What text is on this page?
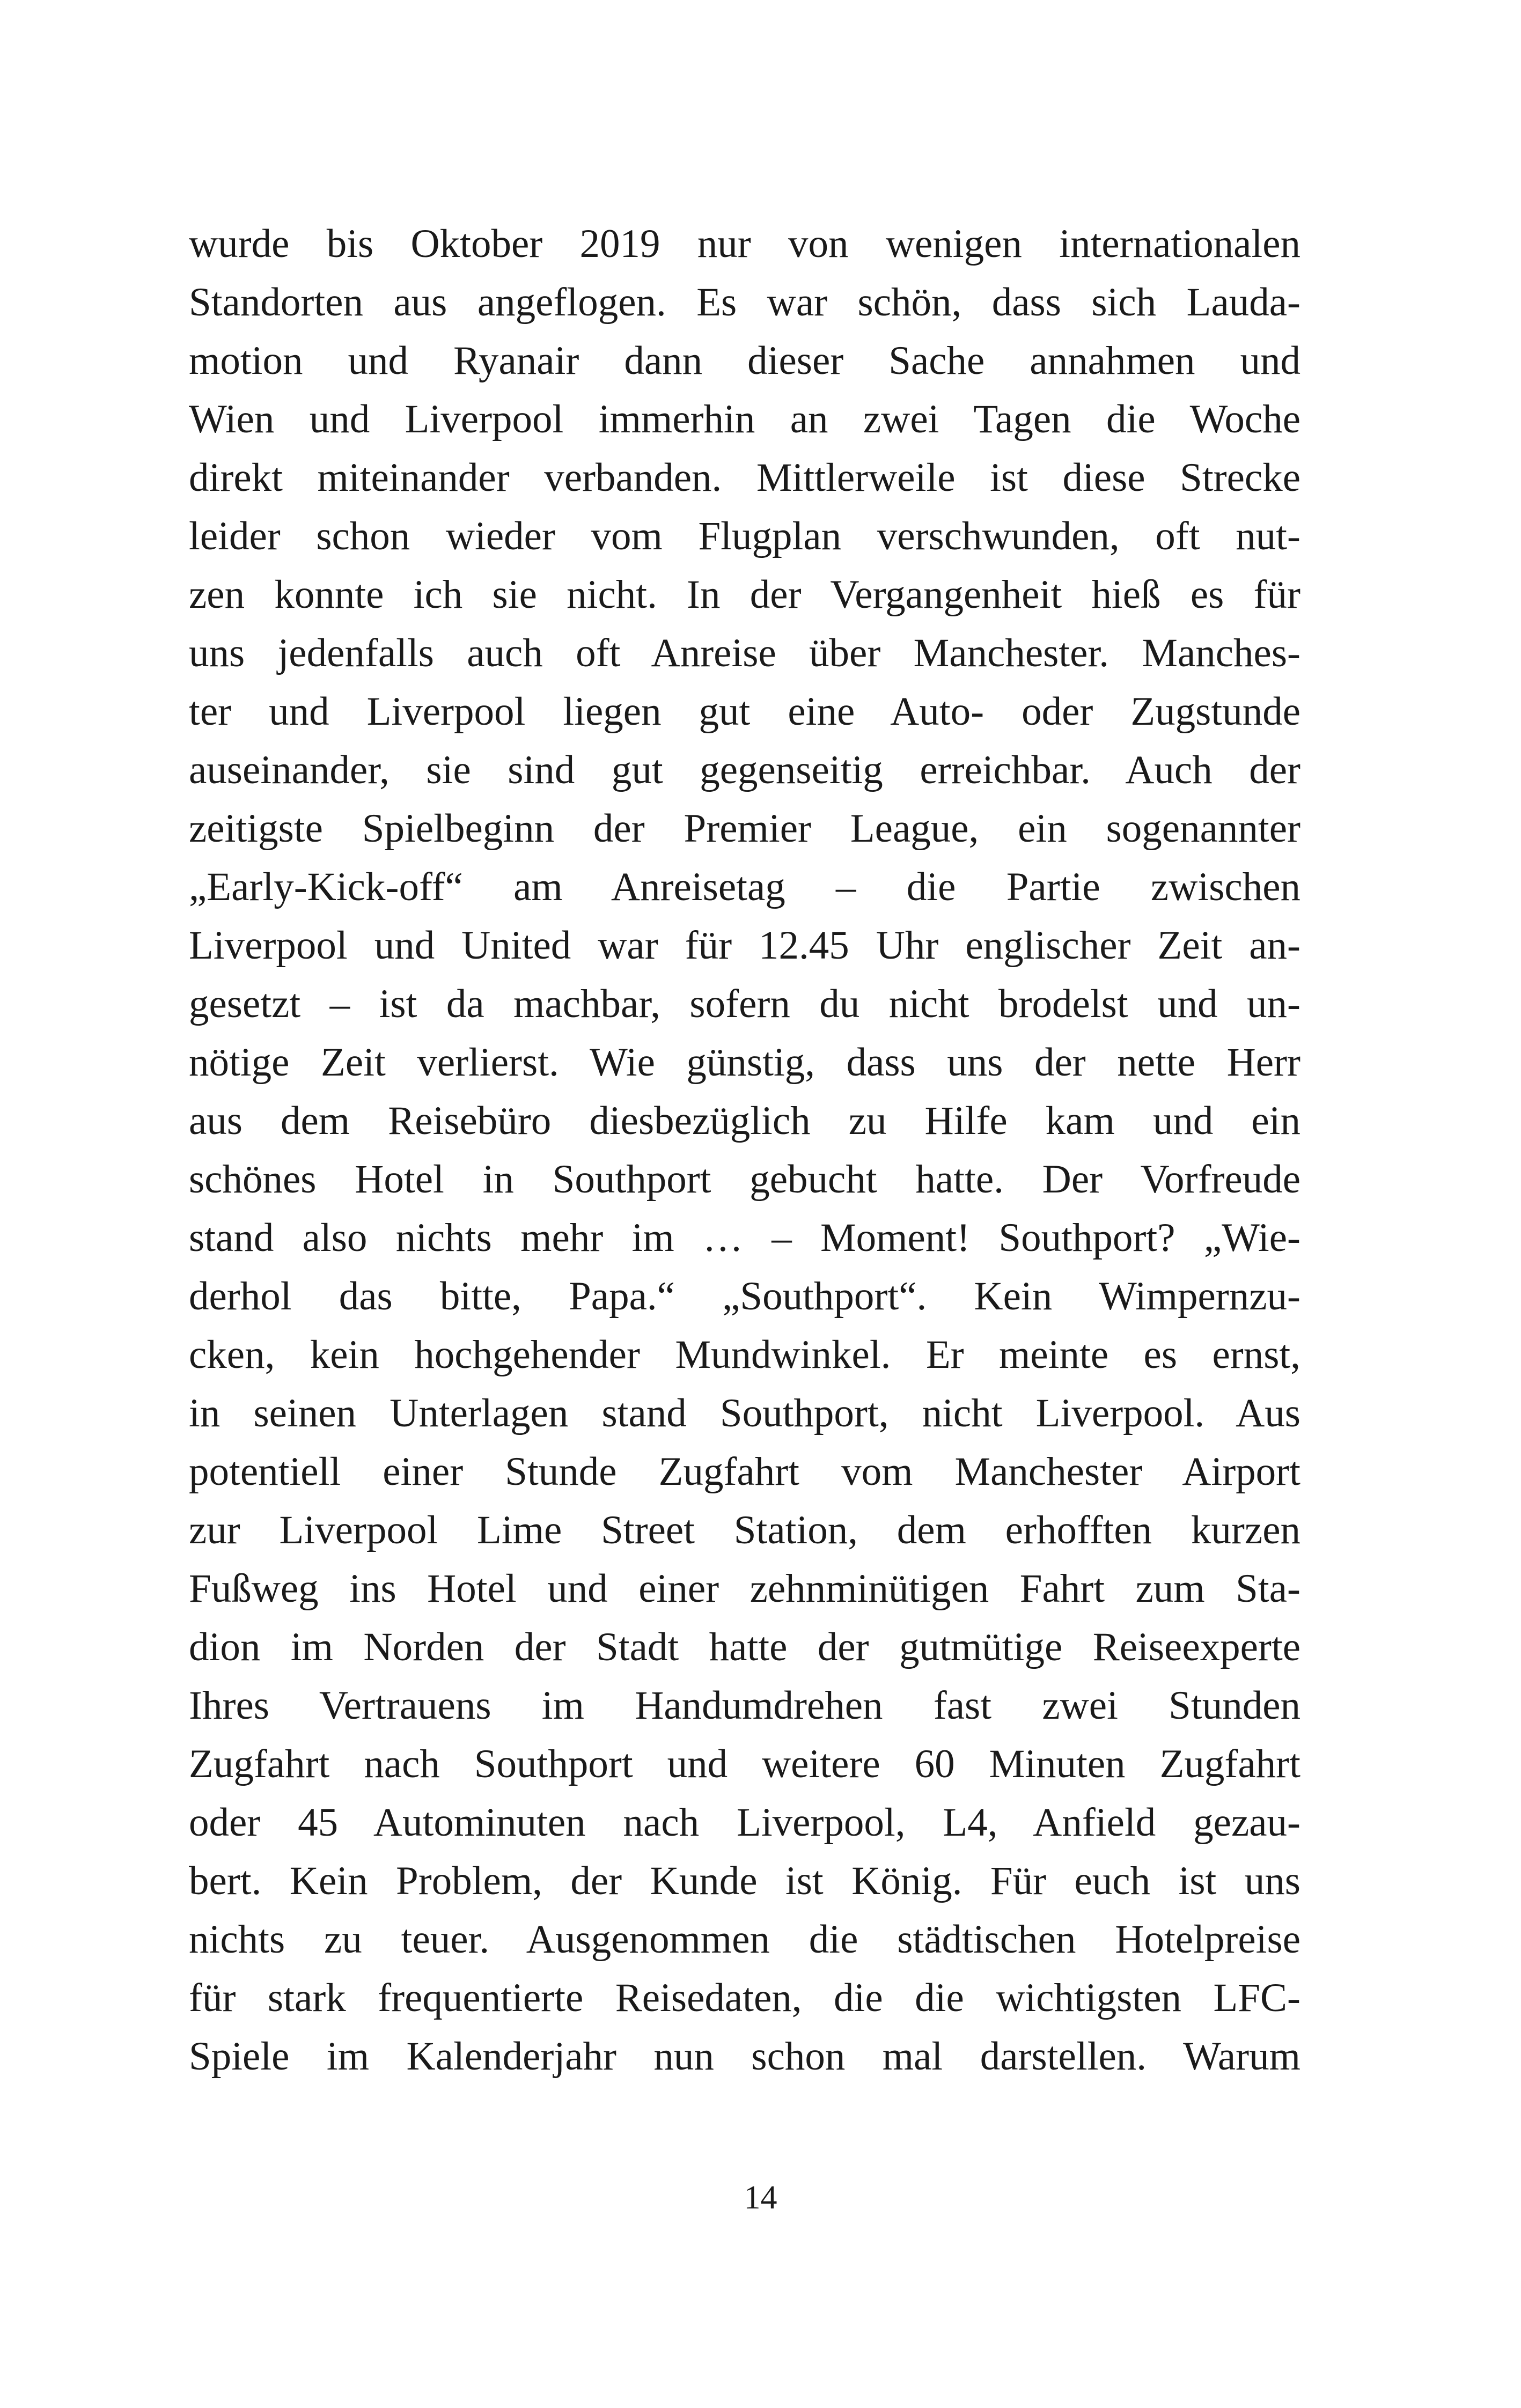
wurde bis Oktober 2019 nur von wenigen internationalen
Standorten aus angeflogen. Es war schön, dass sich Lauda-
motion und Ryanair dann dieser Sache annahmen und
Wien und Liverpool immerhin an zwei Tagen die Woche
direkt miteinander verbanden. Mittlerweile ist diese Strecke
leider schon wieder vom Flugplan verschwunden, oft nut-
zen konnte ich sie nicht. In der Vergangenheit hieß es für
uns jedenfalls auch oft Anreise über Manchester. Manches-
ter und Liverpool liegen gut eine Auto- oder Zugstunde
auseinander, sie sind gut gegenseitig erreichbar. Auch der
zeitigste Spielbeginn der Premier League, ein sogenannter
„Early-Kick-off“ am Anreisetag – die Partie zwischen
Liverpool und United war für 12.45 Uhr englischer Zeit an-
gesetzt – ist da machbar, sofern du nicht brodelst und un-
nötige Zeit verlierst. Wie günstig, dass uns der nette Herr
aus dem Reisebüro diesbezüglich zu Hilfe kam und ein
schönes Hotel in Southport gebucht hatte. Der Vorfreude
stand also nichts mehr im … – Moment! Southport? „Wie-
derhol das bitte, Papa.“ „Southport“. Kein Wimpernzu-
cken, kein hochgehender Mundwinkel. Er meinte es ernst,
in seinen Unterlagen stand Southport, nicht Liverpool. Aus
potentiell einer Stunde Zugfahrt vom Manchester Airport
zur Liverpool Lime Street Station, dem erhofften kurzen
Fußweg ins Hotel und einer zehnminütigen Fahrt zum Sta-
dion im Norden der Stadt hatte der gutmütige Reiseexperte
Ihres Vertrauens im Handumdrehen fast zwei Stunden
Zugfahrt nach Southport und weitere 60 Minuten Zugfahrt
oder 45 Autominuten nach Liverpool, L4, Anfield gezau-
bert. Kein Problem, der Kunde ist König. Für euch ist uns
nichts zu teuer. Ausgenommen die städtischen Hotelpreise
für stark frequentierte Reisedaten, die die wichtigsten LFC-
Spiele im Kalenderjahr nun schon mal darstellen. Warum
14
